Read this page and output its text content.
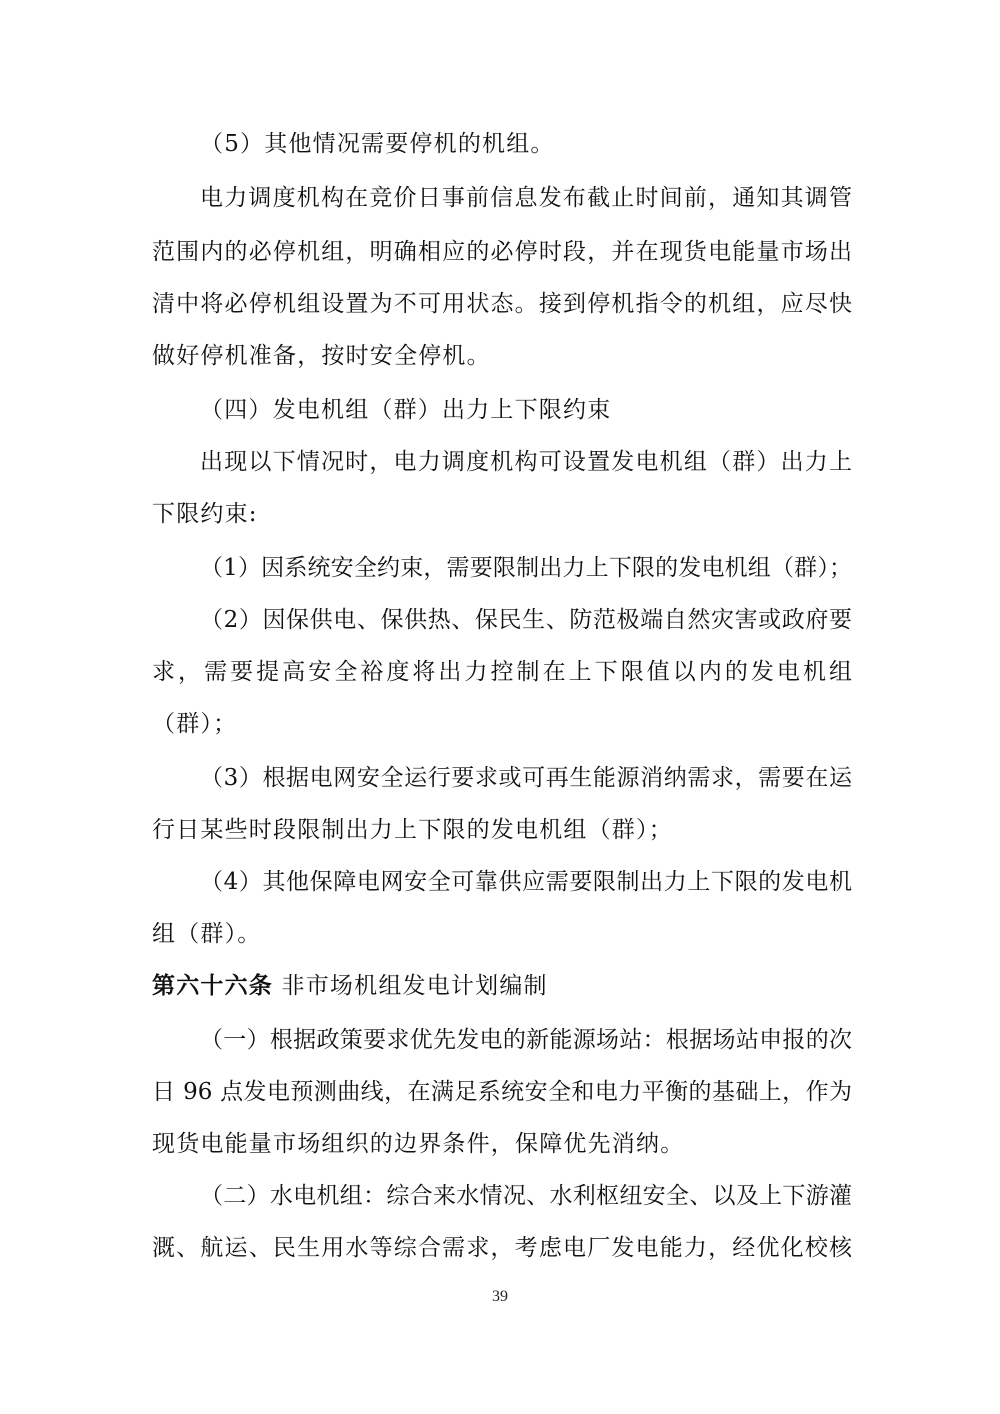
（5）其他情况需要停机的机组。
电力调度机构在竞价日事前信息发布截止时间前，通知其调管
范围内的必停机组，明确相应的必停时段，并在现货电能量市场出
清中将必停机组设置为不可用状态。接到停机指令的机组，应尽快
做好停机准备，按时安全停机。
（四）发电机组（群）出力上下限约束
出现以下情况时，电力调度机构可设置发电机组（群）出力上
下限约束:
（1）因系统安全约束，需要限制出力上下限的发电机组（群）；
（2）因保供电、保供热、保民生、防范极端自然灾害或政府要
求，需要提高安全裕度将出力控制在上下限值以内的发电机组
（群）；
（3）根据电网安全运行要求或可再生能源消纳需求，需要在运
行日某些时段限制出力上下限的发电机组（群）；
（4）其他保障电网安全可靠供应需要限制出力上下限的发电机
组（群）。
第六十六条 非市场机组发电计划编制
（一）根据政策要求优先发电的新能源场站：根据场站申报的次
日 96 点发电预测曲线，在满足系统安全和电力平衡的基础上，作为
现货电能量市场组织的边界条件，保障优先消纳。
（二）水电机组：综合来水情况、水利枢纽安全、以及上下游灌
溉、航运、民生用水等综合需求，考虑电厂发电能力，经优化校核
39
